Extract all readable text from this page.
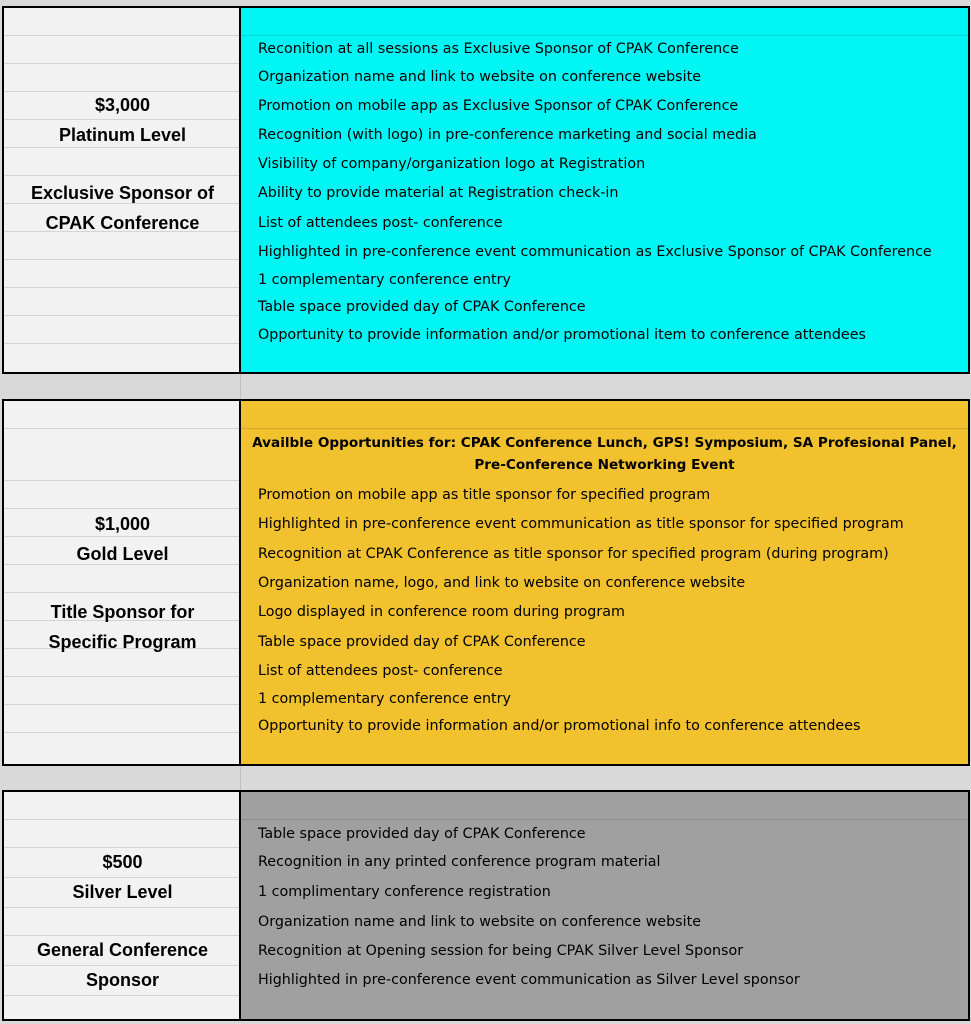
$3,000
Platinum Level
Exclusive Sponsor of
CPAK Conference
Reconition at all sessions as Exclusive Sponsor of CPAK Conference
Organization name and link to website on conference website
Promotion on mobile app as Exclusive Sponsor of CPAK Conference
Recognition (with logo) in pre-conference marketing and social media
Visibility of company/organization logo at Registration
Ability to provide material at Registration check-in
List of attendees post- conference
Highlighted in pre-conference event communication as Exclusive Sponsor of CPAK Conference
1 complementary conference entry
Table space provided day of CPAK Conference
Opportunity to provide information and/or promotional item to conference attendees
$1,000
Gold Level
Title Sponsor for
Specific Program
Availble Opportunities for: CPAK Conference Lunch, GPS! Symposium, SA Profesional Panel,
Pre-Conference Networking Event
Promotion on mobile app as title sponsor for specified program
Highlighted in pre-conference event communication as title sponsor for specified program
Recognition at CPAK Conference as title sponsor for specified program (during program)
Organization name, logo, and link to website on conference website
Logo displayed in conference room during program
Table space provided day of CPAK Conference
List of attendees post- conference
1 complementary conference entry
Opportunity to provide information and/or promotional info to conference attendees
$500
Silver Level
General Conference
Sponsor
Table space provided day of CPAK Conference
Recognition in any printed conference program material
1 complimentary conference registration
Organization name and link to website on conference website
Recognition at Opening session for being CPAK Silver Level Sponsor
Highlighted in pre-conference event communication as Silver Level sponsor
